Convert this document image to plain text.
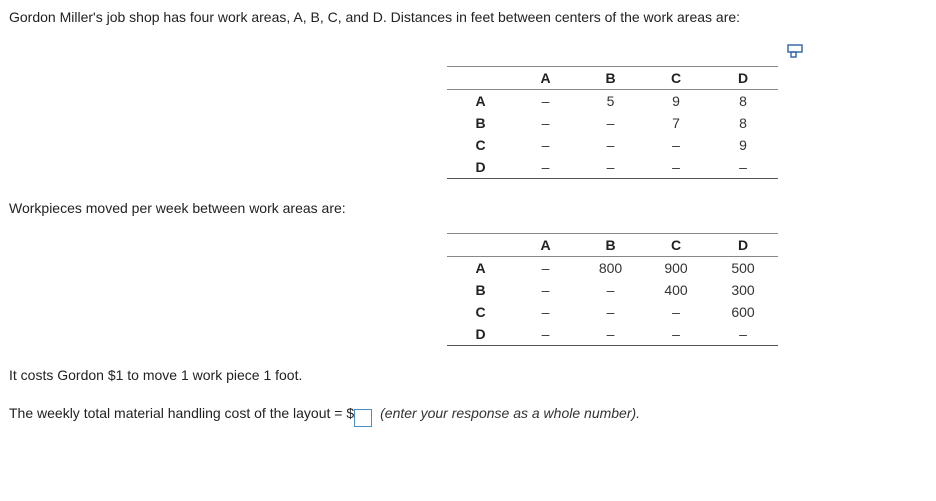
Gordon Miller's job shop has four work areas, A, B, C, and D. Distances in feet between centers of the work areas are:
	A	B	C	D
A	–	5	9	8
B	–	–	7	8
C	–	–	–	9
D	–	–	–	–
Workpieces moved per week between work areas are:
	A	B	C	D
A	–	800	900	500
B	–	–	400	300
C	–	–	–	600
D	–	–	–	–
It costs Gordon $1 to move 1 work piece 1 foot.
The weekly total material handling cost of the layout = $ (enter your response as a whole number).
